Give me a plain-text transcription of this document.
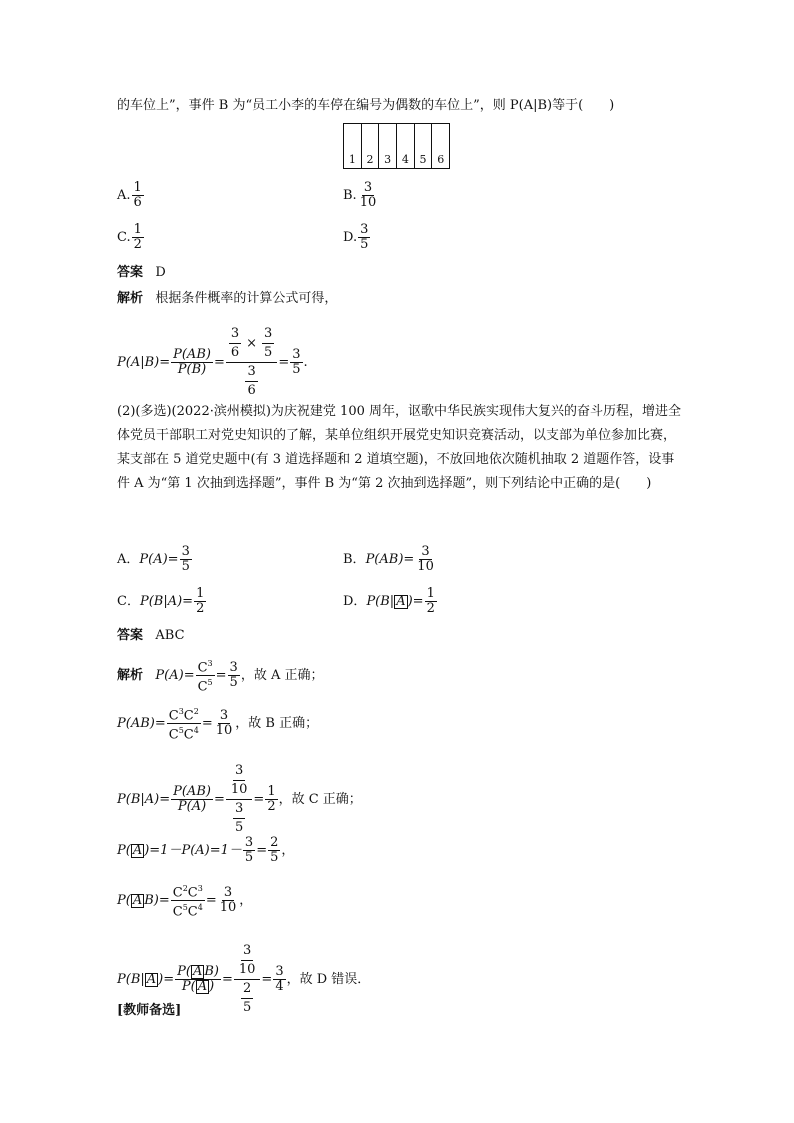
的车位上”，事件 B 为“员工小李的车停在编号为偶数的车位上”，则 P(A|B)等于(　　)
1 2 3 4 5 6
A. $\frac{1}{6}$	B. $\frac{3}{10}$
C. $\frac{1}{2}$	D. $\frac{3}{5}$
答案 D
解析 根据条件概率的计算公式可得，
$P(A|B)= \frac{P(AB)}{P(B)} = \frac{\frac{3}{6} \times \frac{3}{5}}{\frac{3}{6}} = \frac{3}{5}$ .
(2)(多选)(2022·滨州模拟)为庆祝建党 100 周年，讴歌中华民族实现伟大复兴的奋斗历程，增进全体党员干部职工对党史知识的了解，某单位组织开展党史知识竞赛活动，以支部为单位参加比赛，某支部在 5 道党史题中(有 3 道选择题和 2 道填空题)，不放回地依次随机抽取 2 道题作答，设事件 A 为“第 1 次抽到选择题”，事件 B 为“第 2 次抽到选择题”，则下列结论中正确的是(　　)
A．$P(A)= \frac{3}{5}$	B．$P(AB)= \frac{3}{10}$
C．$P(B|A)= \frac{1}{2}$	D．P(B| A )= $\frac{1}{2}$
答案 ABC
解析
$P(A)= \frac{C^3}{C^5} = \frac{3}{5}$ ，故 A 正确；
$P(AB)= \frac{C^3C^2}{C^5C^4} = \frac{3}{10}$ ，故 B 正确；
$P(B|A)= \frac{P(AB)}{P(A)} = \frac{\frac{3}{10}}{\frac{3}{5}} = \frac{1}{2}$ ，故 C 正确；
P( A )$=1-P(A)=1- \frac{3}{5} = \frac{2}{5}$ ，
P( A $B)= \frac{C^2C^3}{C^5C^4} = \frac{3}{10}$ ，
P(B| A )= $\frac{\text{P( A B)}}{P( A )} = \frac{\frac{3}{10}}{\frac{2}{5}} = \frac{3}{4}$ ，故 D 错误．
[教师备选]
